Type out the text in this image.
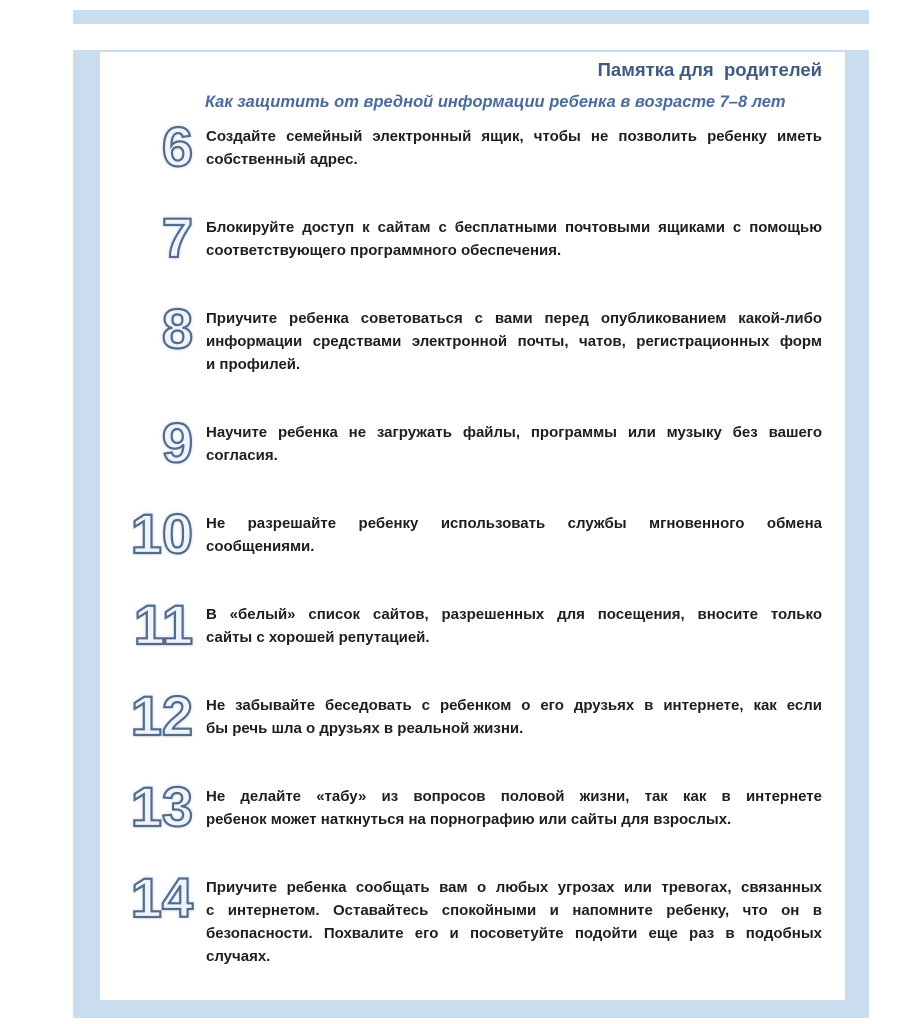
Памятка для  родителей
Как защитить от вредной информации ребенка в возрасте 7–8 лет
6 Создайте семейный электронный ящик, чтобы не позволить ребенку иметь
собственный адрес.
7 Блокируйте доступ к сайтам с бесплатными почтовыми ящиками с помощью
соответствующего программного обеспечения.
8 Приучите ребенка советоваться с вами перед опубликованием какой-либо
информации средствами электронной почты, чатов, регистрационных форм
и профилей.
9 Научите ребенка не загружать файлы, программы или музыку без вашего
согласия.
10 Не разрешайте ребенку использовать службы мгновенного обмена
сообщениями.
11 В «белый» список сайтов, разрешенных для посещения, вносите только
сайты с хорошей репутацией.
12 Не забывайте беседовать с ребенком о его друзьях в интернете, как если
бы речь шла о друзьях в реальной жизни.
13 Не делайте «табу» из вопросов половой жизни, так как в интернете
ребенок может наткнуться на порнографию или сайты для взрослых.
14 Приучите ребенка сообщать вам о любых угрозах или тревогах, связанных
с интернетом. Оставайтесь спокойными и напомните ребенку, что он в
безопасности. Похвалите его и посоветуйте подойти еще раз в подобных
случаях.
